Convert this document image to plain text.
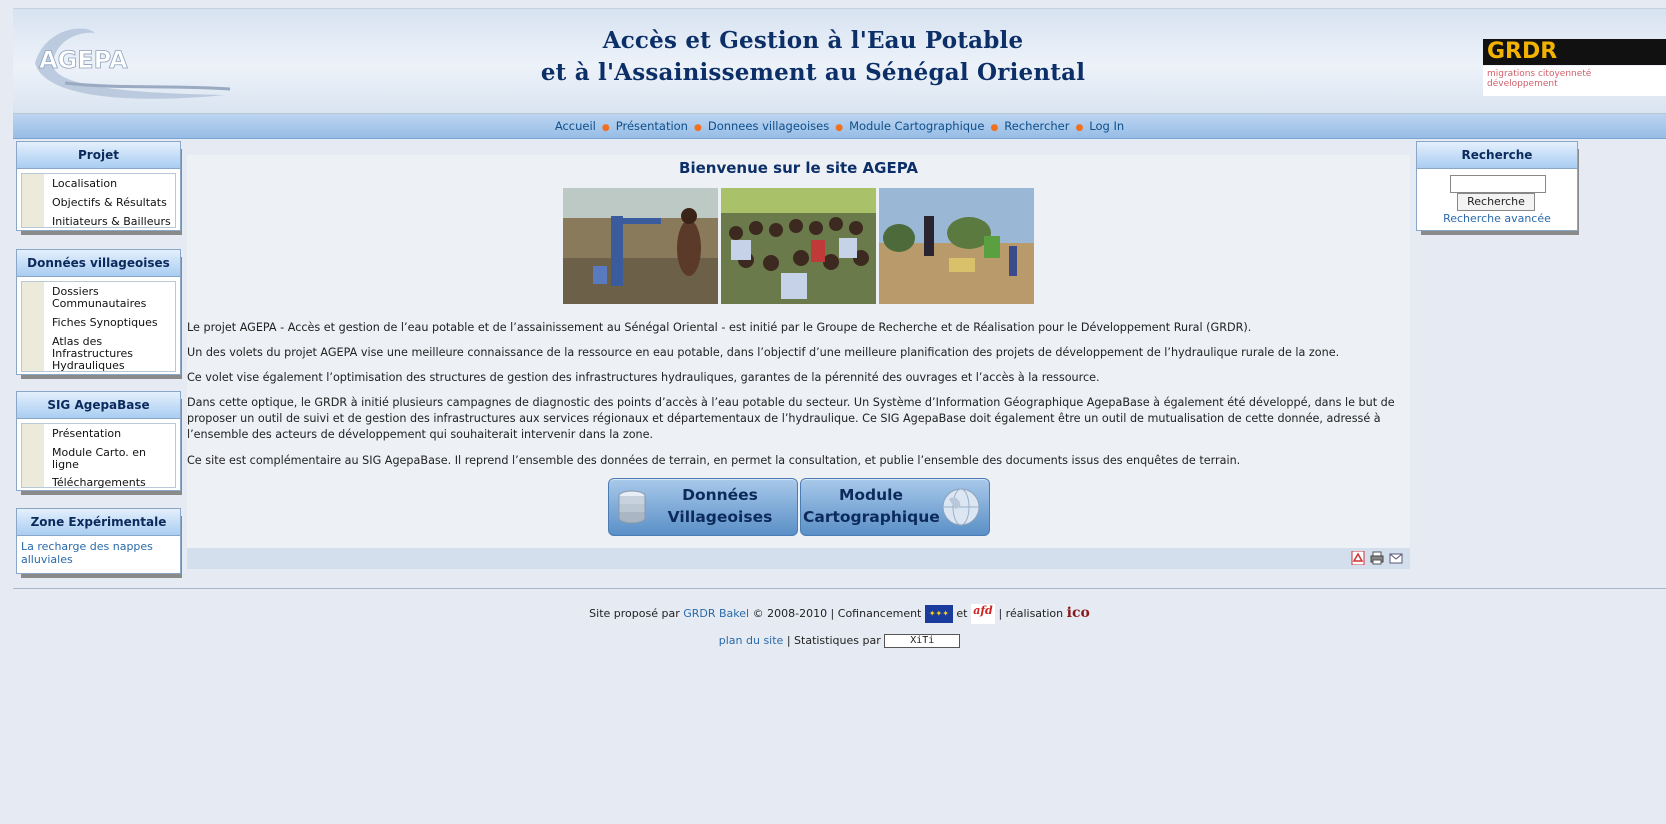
AGEPA
Accès et Gestion à l'Eau Potable
et à l'Assainissement au Sénégal Oriental
GRDR
migrations citoyenneté développement
Accueil ● Présentation ● Donnees villageoises ● Module Cartographique ● Rechercher ● Log In
Projet
Localisation
Objectifs & Résultats
Initiateurs & Bailleurs
Données villageoises
Dossiers Communautaires
Fiches Synoptiques
Atlas des Infrastructures Hydrauliques
SIG AgepaBase
Présentation
Module Carto. en ligne
Téléchargements
Zone Expérimentale
La recharge des nappes alluviales
Bienvenue sur le site AGEPA
Le projet AGEPA - Accès et gestion de l’eau potable et de l’assainissement au Sénégal Oriental - est initié par le Groupe de Recherche et de Réalisation pour le Développement Rural (GRDR).
Un des volets du projet AGEPA vise une meilleure connaissance de la ressource en eau potable, dans l’objectif d’une meilleure planification des projets de développement de l’hydraulique rurale de la zone.
Ce volet vise également l’optimisation des structures de gestion des infrastructures hydrauliques, garantes de la pérennité des ouvrages et l’accès à la ressource.
Dans cette optique, le GRDR à initié plusieurs campagnes de diagnostic des points d’accès à l’eau potable du secteur. Un Système d’Information Géographique AgepaBase à également été développé, dans le but de proposer un outil de suivi et de gestion des infrastructures aux services régionaux et départementaux de l’hydraulique. Ce SIG AgepaBase doit également être un outil de mutualisation de cette donnée, adressé à l’ensemble des acteurs de développement qui souhaiterait intervenir dans la zone.
Ce site est complémentaire au SIG AgepaBase. Il reprend l’ensemble des données de terrain, en permet la consultation, et publie l’ensemble des documents issus des enquêtes de terrain.
Données
Villageoises
Module
Cartographique
Recherche
Recherche
Recherche avancée
Site proposé par GRDR Bakel © 2008-2010 | Cofinancement ✦✦✦ et afd | réalisation ico
plan du site | Statistiques par	XiTi
